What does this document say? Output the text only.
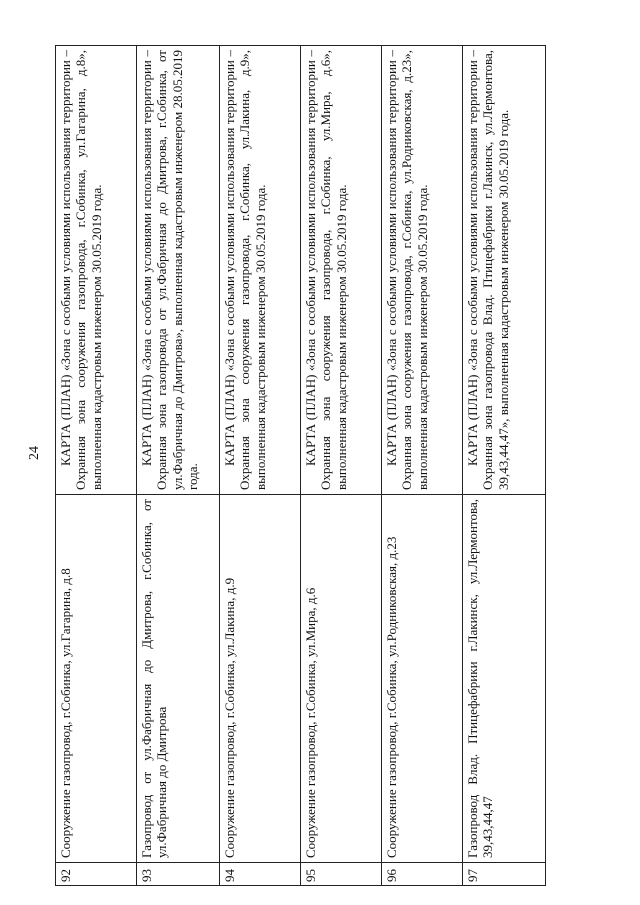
24
92	Сооружение газопровод, г.Собинка, ул.Гагарина, д.8	КАРТА (ПЛАН) «Зона с особыми условиями использования территории – Охранная зона сооружения газопровода, г.Собинка, ул.Гагарина, д.8», выполненная кадастровым инженером 30.05.2019 года.
93	Газопровод от ул.Фабричная до Дмитрова, г.Собинка, от ул.Фабричная до Дмитрова	КАРТА (ПЛАН) «Зона с особыми условиями использования территории – Охранная зона газопровода от ул.Фабричная до Дмитрова, г.Собинка, от ул.Фабричная до Дмитрова», выполненная кадастровым инженером 28.05.2019 года.
94	Сооружение газопровод, г.Собинка, ул.Лакина, д.9	КАРТА (ПЛАН) «Зона с особыми условиями использования территории – Охранная зона сооружения газопровода, г.Собинка, ул.Лакина, д.9», выполненная кадастровым инженером 30.05.2019 года.
95	Сооружение газопровод, г.Собинка, ул.Мира, д.6	КАРТА (ПЛАН) «Зона с особыми условиями использования территории – Охранная зона сооружения газопровода, г.Собинка, ул.Мира, д.6», выполненная кадастровым инженером 30.05.2019 года.
96	Сооружение газопровод, г.Собинка, ул.Родниковская, д.23	КАРТА (ПЛАН) «Зона с особыми условиями использования территории – Охранная зона сооружения газопровода, г.Собинка, ул.Родниковская, д.23», выполненная кадастровым инженером 30.05.2019 года.
97	Газопровод Влад. Птицефабрики г.Лакинск, ул.Лермонтова, 39,43,44,47	КАРТА (ПЛАН) «Зона с особыми условиями использования территории – Охранная зона газопровода Влад. Птицефабрики г.Лакинск, ул.Лермонтова, 39,43,44,47», выполненная кадастровым инженером 30.05.2019 года.
